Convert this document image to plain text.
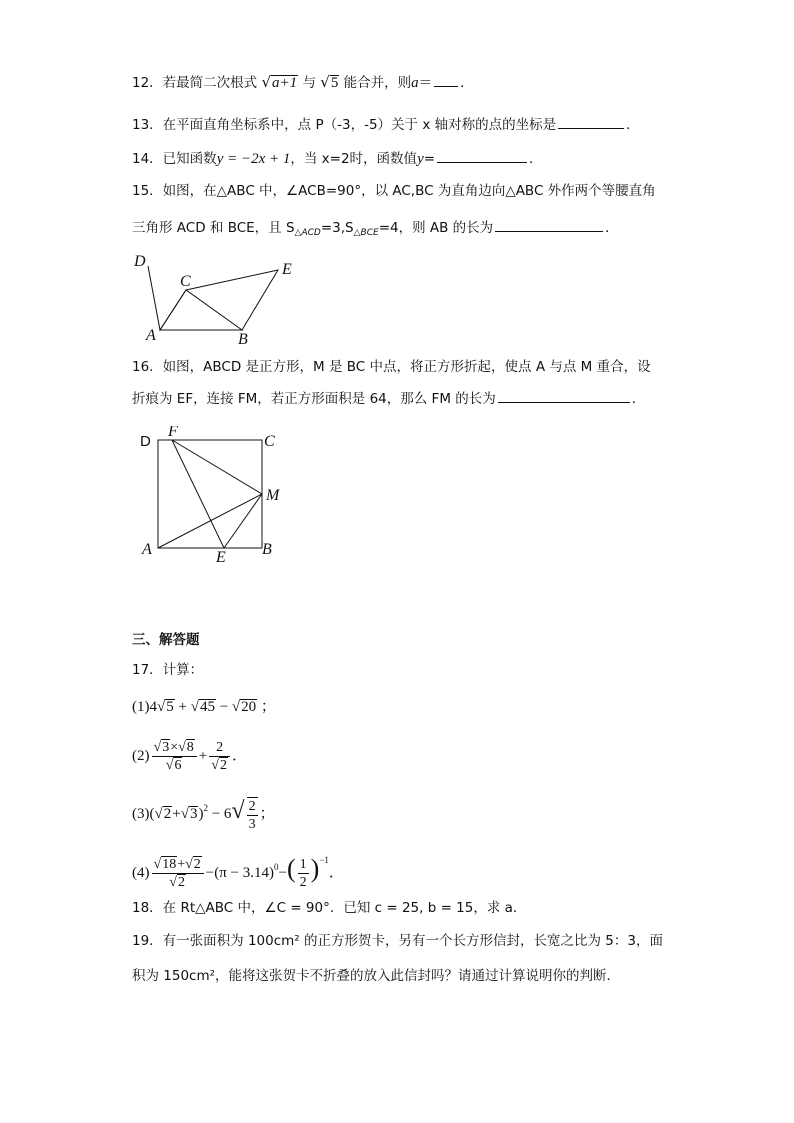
12．若最简二次根式 √a+1 与 √5 能合并，则a＝ ．
13．在平面直角坐标系中，点 P（-3，-5）关于 x 轴对称的点的坐标是	．
14．已知函数y = −2x + 1，当 x=2时，函数值y=	．
15．如图，在△ABC 中，∠ACB=90°，以 AC,BC 为直角边向△ABC 外作两个等腰直角
三角形 ACD 和 BCE，且 $S_{\triangle ACD}=3,S_{\triangle BCE}=4$，则 AB 的长为	．
D
C
E
A	B
16．如图，ABCD 是正方形，M 是 BC 中点，将正方形折起，使点 A 与点 M 重合，设
折痕为 EF，连接 FM，若正方形面积是 64，那么 FM 的长为	．
D
F
C
M
A	E B
三、解答题
17．计算：
(1)4√5 + √45 − √20 ；
$(2) \frac{√3\times√8}{√6} + \frac{2}{√2}$ ．
$(3)(√2+√3)^2 - 6√ \frac{2}{3}$ ；
$(4) \frac{√18+√2}{√2} -(\pi - 3.14)^0-( \frac{1}{2} )^{-1}$．
18．在 Rt△ABC 中，∠C = 90°．已知 c = 25, b = 15，求 a．
19．有一张面积为 100cm² 的正方形贺卡，另有一个长方形信封，长宽之比为 5：3，面
积为 150cm²，能将这张贺卡不折叠的放入此信封吗？请通过计算说明你的判断．
